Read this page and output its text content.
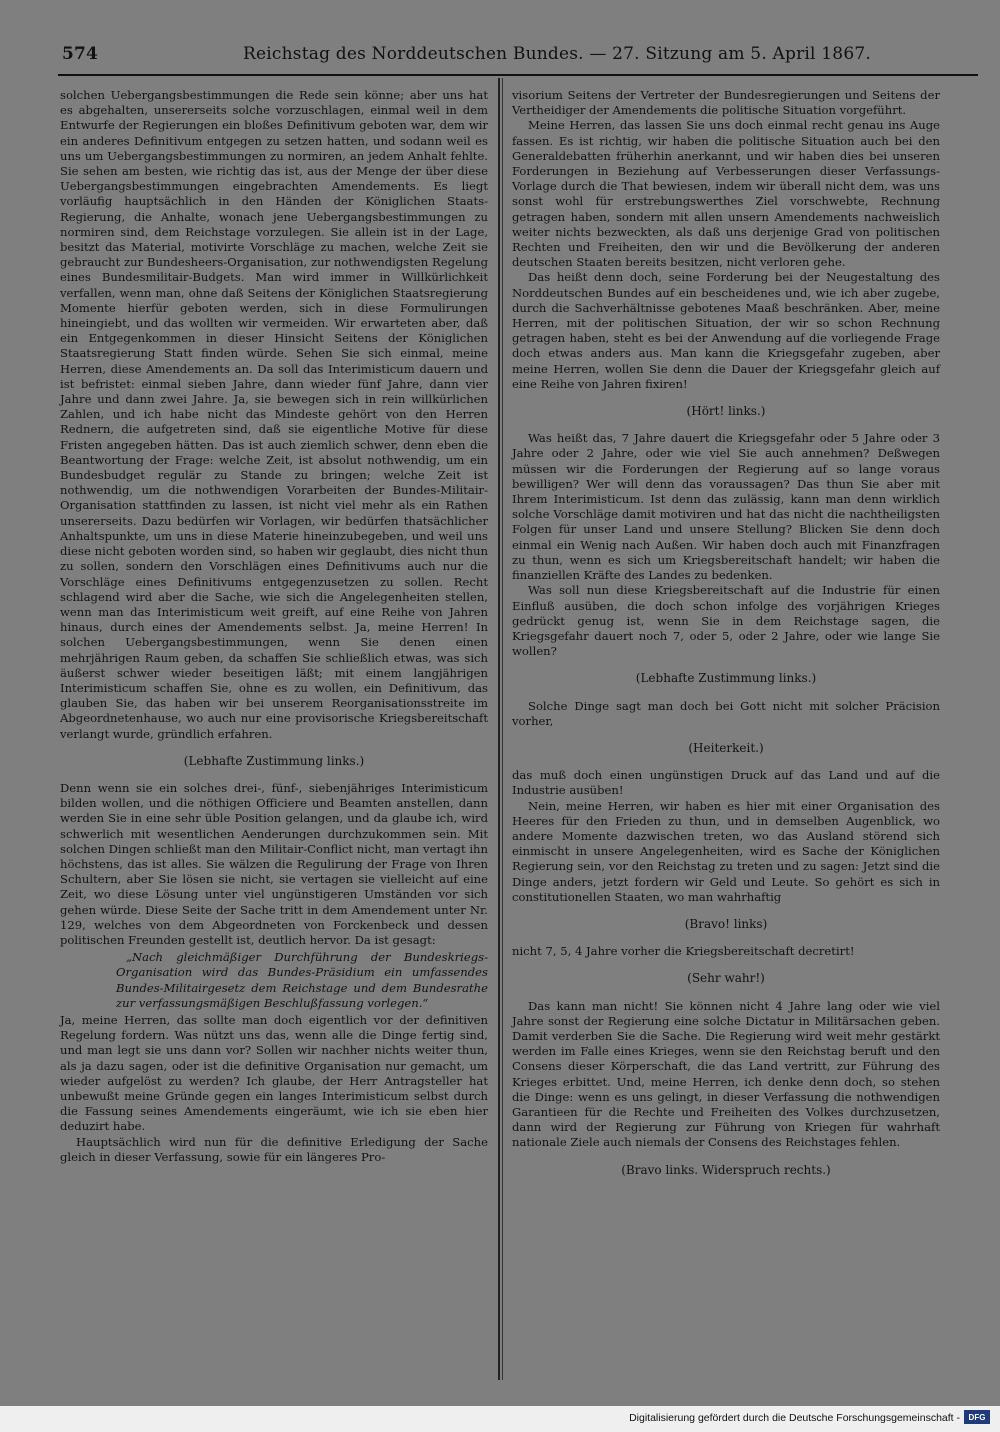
574	Reichstag des Norddeutschen Bundes. — 27. Sitzung am 5. April 1867.

solchen Uebergangsbestimmungen die Rede sein könne; aber uns hat es abgehalten, unsererseits solche vorzuschlagen, einmal weil in dem Entwurfe der Regierungen ein bloßes Definitivum geboten war, dem wir ein anderes Definitivum entgegen zu setzen hatten, und sodann weil es uns um Uebergangsbestimmungen zu normiren, an jedem Anhalt fehlte. Sie sehen am besten, wie richtig das ist, aus der Menge der über diese Uebergangsbestimmungen eingebrachten Amendements. Es liegt vorläufig hauptsächlich in den Händen der Königlichen Staats-Regierung, die Anhalte, wonach jene Uebergangsbestimmungen zu normiren sind, dem Reichstage vorzulegen. Sie allein ist in der Lage, besitzt das Material, motivirte Vorschläge zu machen, welche Zeit sie gebraucht zur Bundesheers-Organisation, zur nothwendigsten Regelung eines Bundesmilitair-Budgets. Man wird immer in Willkürlichkeit verfallen, wenn man, ohne daß Seitens der Königlichen Staatsregierung Momente hierfür geboten werden, sich in diese Formulirungen hineingiebt, und das wollten wir vermeiden. Wir erwarteten aber, daß ein Entgegenkommen in dieser Hinsicht Seitens der Königlichen Staatsregierung Statt finden würde. Sehen Sie sich einmal, meine Herren, diese Amendements an. Da soll das Interimisticum dauern und ist befristet: einmal sieben Jahre, dann wieder fünf Jahre, dann vier Jahre und dann zwei Jahre. Ja, sie bewegen sich in rein willkürlichen Zahlen, und ich habe nicht das Mindeste gehört von den Herren Rednern, die aufgetreten sind, daß sie eigentliche Motive für diese Fristen angegeben hätten. Das ist auch ziemlich schwer, denn eben die Beantwortung der Frage: welche Zeit, ist absolut nothwendig, um ein Bundesbudget regulär zu Stande zu bringen; welche Zeit ist nothwendig, um die nothwendigen Vorarbeiten der Bundes-Militair-Organisation stattfinden zu lassen, ist nicht viel mehr als ein Rathen unsererseits. Dazu bedürfen wir Vorlagen, wir bedürfen thatsächlicher Anhaltspunkte, um uns in diese Materie hineinzubegeben, und weil uns diese nicht geboten worden sind, so haben wir geglaubt, dies nicht thun zu sollen, sondern den Vorschlägen eines Definitivums auch nur die Vorschläge eines Definitivums entgegenzusetzen zu sollen. Recht schlagend wird aber die Sache, wie sich die Angelegenheiten stellen, wenn man das Interimisticum weit greift, auf eine Reihe von Jahren hinaus, durch eines der Amendements selbst. Ja, meine Herren! In solchen Uebergangsbestimmungen, wenn Sie denen einen mehrjährigen Raum geben, da schaffen Sie schließlich etwas, was sich äußerst schwer wieder beseitigen läßt; mit einem langjährigen Interimisticum schaffen Sie, ohne es zu wollen, ein Definitivum, das glauben Sie, das haben wir bei unserem Reorganisationsstreite im Abgeordnetenhause, wo auch nur eine provisorische Kriegsbereitschaft verlangt wurde, gründlich erfahren.

(Lebhafte Zustimmung links.)

Denn wenn sie ein solches drei-, fünf-, siebenjähriges Interimisticum bilden wollen, und die nöthigen Officiere und Beamten anstellen, dann werden Sie in eine sehr üble Position gelangen, und da glaube ich, wird schwerlich mit wesentlichen Aenderungen durchzukommen sein. Mit solchen Dingen schließt man den Militair-Conflict nicht, man vertagt ihn höchstens, das ist alles. Sie wälzen die Regulirung der Frage von Ihren Schultern, aber Sie lösen sie nicht, sie vertagen sie vielleicht auf eine Zeit, wo diese Lösung unter viel ungünstigeren Umständen vor sich gehen würde. Diese Seite der Sache tritt in dem Amendement unter Nr. 129, welches von dem Abgeordneten von Forckenbeck und dessen politischen Freunden gestellt ist, deutlich hervor. Da ist gesagt:

„Nach gleichmäßiger Durchführung der Bundeskriegs-Organisation wird das Bundes-Präsidium ein umfassendes Bundes-Militairgesetz dem Reichstage und dem Bundesrathe zur verfassungsmäßigen Beschlußfassung vorlegen.“

Ja, meine Herren, das sollte man doch eigentlich vor der definitiven Regelung fordern. Was nützt uns das, wenn alle die Dinge fertig sind, und man legt sie uns dann vor? Sollen wir nachher nichts weiter thun, als ja dazu sagen, oder ist die definitive Organisation nur gemacht, um wieder aufgelöst zu werden? Ich glaube, der Herr Antragsteller hat unbewußt meine Gründe gegen ein langes Interimisticum selbst durch die Fassung seines Amendements eingeräumt, wie ich sie eben hier deduzirt habe.

Hauptsächlich wird nun für die definitive Erledigung der Sache gleich in dieser Verfassung, sowie für ein längeres Pro-

visorium Seitens der Vertreter der Bundesregierungen und Seitens der Vertheidiger der Amendements die politische Situation vorgeführt.

Meine Herren, das lassen Sie uns doch einmal recht genau ins Auge fassen. Es ist richtig, wir haben die politische Situation auch bei den Generaldebatten früherhin anerkannt, und wir haben dies bei unseren Forderungen in Beziehung auf Verbesserungen dieser Verfassungs-Vorlage durch die That bewiesen, indem wir überall nicht dem, was uns sonst wohl für erstrebungswerthes Ziel vorschwebte, Rechnung getragen haben, sondern mit allen unsern Amendements nachweislich weiter nichts bezweckten, als daß uns derjenige Grad von politischen Rechten und Freiheiten, den wir und die Bevölkerung der anderen deutschen Staaten bereits besitzen, nicht verloren gehe.

Das heißt denn doch, seine Forderung bei der Neugestaltung des Norddeutschen Bundes auf ein bescheidenes und, wie ich aber zugebe, durch die Sachverhältnisse gebotenes Maaß beschränken. Aber, meine Herren, mit der politischen Situation, der wir so schon Rechnung getragen haben, steht es bei der Anwendung auf die vorliegende Frage doch etwas anders aus. Man kann die Kriegsgefahr zugeben, aber meine Herren, wollen Sie denn die Dauer der Kriegsgefahr gleich auf eine Reihe von Jahren fixiren!

(Hört! links.)

Was heißt das, 7 Jahre dauert die Kriegsgefahr oder 5 Jahre oder 3 Jahre oder 2 Jahre, oder wie viel Sie auch annehmen? Deßwegen müssen wir die Forderungen der Regierung auf so lange voraus bewilligen? Wer will denn das voraussagen? Das thun Sie aber mit Ihrem Interimisticum. Ist denn das zulässig, kann man denn wirklich solche Vorschläge damit motiviren und hat das nicht die nachtheiligsten Folgen für unser Land und unsere Stellung? Blicken Sie denn doch einmal ein Wenig nach Außen. Wir haben doch auch mit Finanzfragen zu thun, wenn es sich um Kriegsbereitschaft handelt; wir haben die finanziellen Kräfte des Landes zu bedenken.

Was soll nun diese Kriegsbereitschaft auf die Industrie für einen Einfluß ausüben, die doch schon infolge des vorjährigen Krieges gedrückt genug ist, wenn Sie in dem Reichstage sagen, die Kriegsgefahr dauert noch 7, oder 5, oder 2 Jahre, oder wie lange Sie wollen?

(Lebhafte Zustimmung links.)

Solche Dinge sagt man doch bei Gott nicht mit solcher Präcision vorher,

(Heiterkeit.)

das muß doch einen ungünstigen Druck auf das Land und auf die Industrie ausüben!

Nein, meine Herren, wir haben es hier mit einer Organisation des Heeres für den Frieden zu thun, und in demselben Augenblick, wo andere Momente dazwischen treten, wo das Ausland störend sich einmischt in unsere Angelegenheiten, wird es Sache der Königlichen Regierung sein, vor den Reichstag zu treten und zu sagen: Jetzt sind die Dinge anders, jetzt fordern wir Geld und Leute. So gehört es sich in constitutionellen Staaten, wo man wahrhaftig

(Bravo! links)

nicht 7, 5, 4 Jahre vorher die Kriegsbereitschaft decretirt!

(Sehr wahr!)

Das kann man nicht! Sie können nicht 4 Jahre lang oder wie viel Jahre sonst der Regierung eine solche Dictatur in Militärsachen geben. Damit verderben Sie die Sache. Die Regierung wird weit mehr gestärkt werden im Falle eines Krieges, wenn sie den Reichstag beruft und den Consens dieser Körperschaft, die das Land vertritt, zur Führung des Krieges erbittet. Und, meine Herren, ich denke denn doch, so stehen die Dinge: wenn es uns gelingt, in dieser Verfassung die nothwendigen Garantieen für die Rechte und Freiheiten des Volkes durchzusetzen, dann wird der Regierung zur Führung von Kriegen für wahrhaft nationale Ziele auch niemals der Consens des Reichstages fehlen.

(Bravo links. Widerspruch rechts.)

Digitalisierung gefördert durch die Deutsche Forschungsgemeinschaft -	DFG
